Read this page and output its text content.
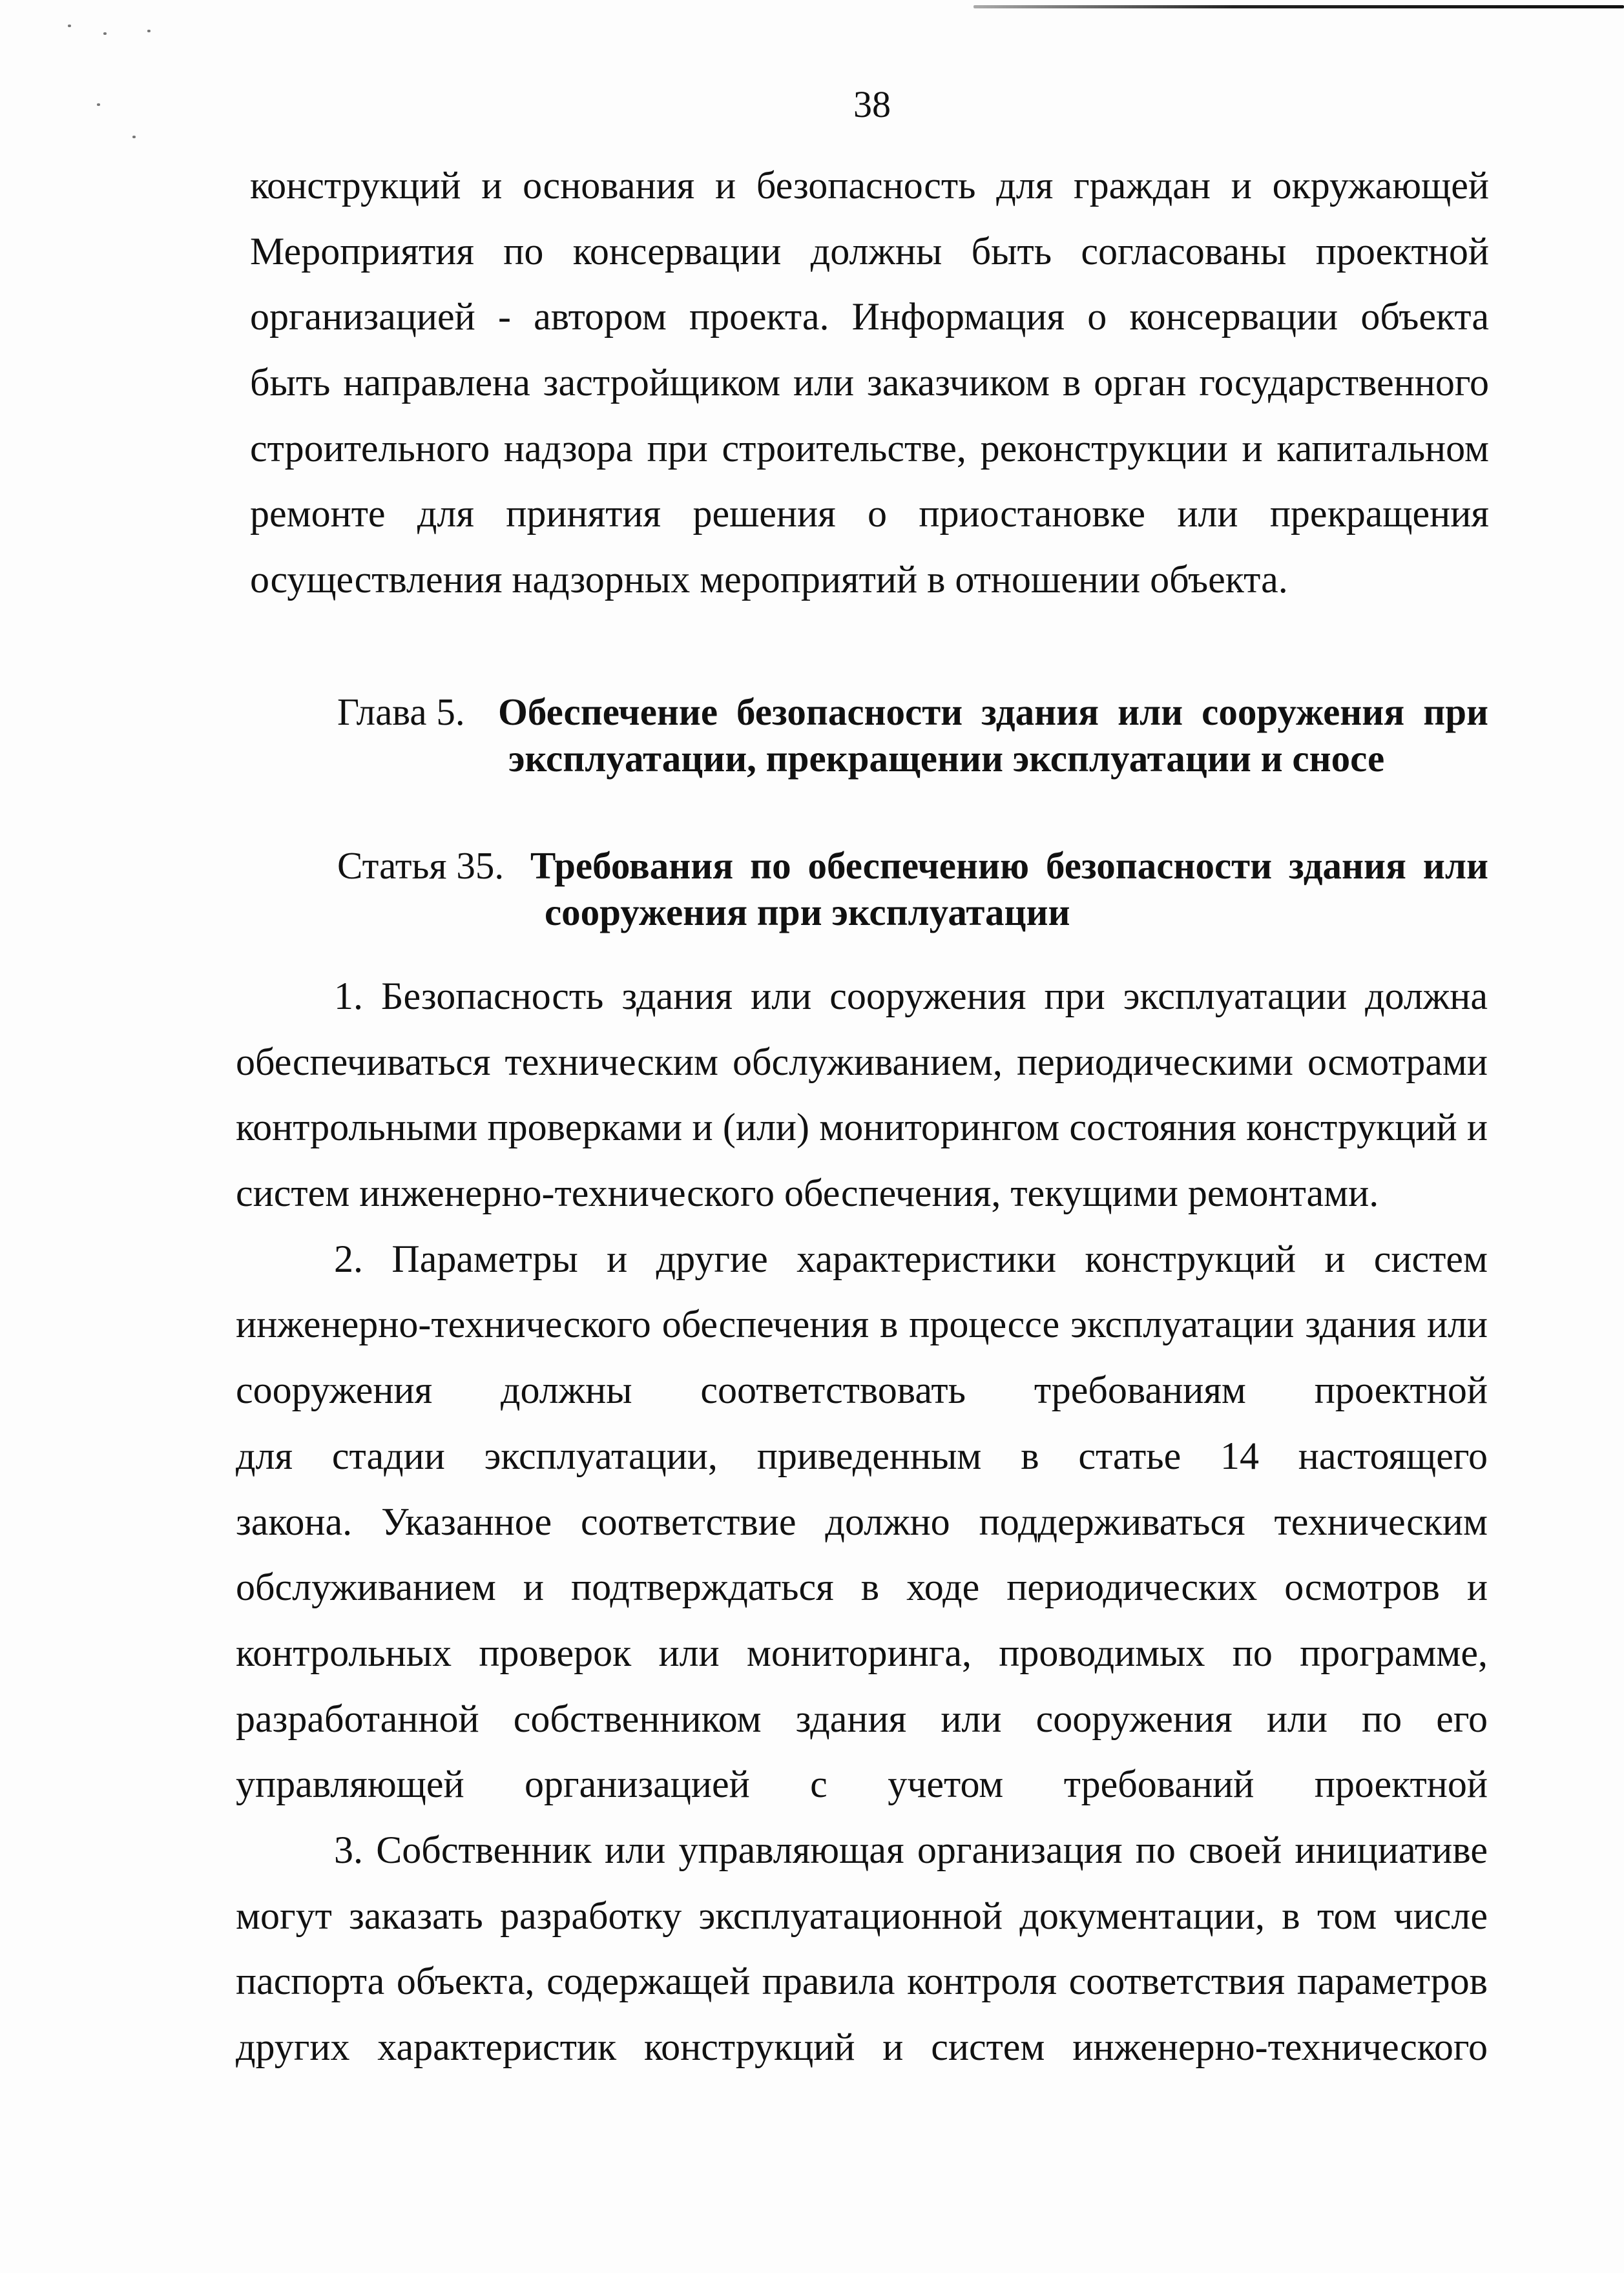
38
конструкций и основания и безопасность для граждан и окружающей
Мероприятия по консервации должны быть согласованы проектной
организацией - автором проекта. Информация о консервации объекта
быть направлена застройщиком или заказчиком в орган государственного
строительного надзора при строительстве, реконструкции и капитальном
ремонте для принятия решения о приостановке или прекращения
осуществления надзорных мероприятий в отношении объекта.
Глава 5. Обеспечение безопасности здания или сооружения при
эксплуатации, прекращении эксплуатации и сносе
Статья 35. Требования по обеспечению безопасности здания или
сооружения при эксплуатации
1. Безопасность здания или сооружения при эксплуатации должна
обеспечиваться техническим обслуживанием, периодическими осмотрами
контрольными проверками и (или) мониторингом состояния конструкций и
систем инженерно-технического обеспечения, текущими ремонтами.
2. Параметры и другие характеристики конструкций и систем
инженерно-технического обеспечения в процессе эксплуатации здания или
сооружения должны соответствовать требованиям проектной
для стадии эксплуатации, приведенным в статье 14 настоящего
закона. Указанное соответствие должно поддерживаться техническим
обслуживанием и подтверждаться в ходе периодических осмотров и
контрольных проверок или мониторинга, проводимых по программе,
разработанной собственником здания или сооружения или по его
управляющей организацией с учетом требований проектной
3. Собственник или управляющая организация по своей инициативе
могут заказать разработку эксплуатационной документации, в том числе
паспорта объекта, содержащей правила контроля соответствия параметров
других характеристик конструкций и систем инженерно-технического
